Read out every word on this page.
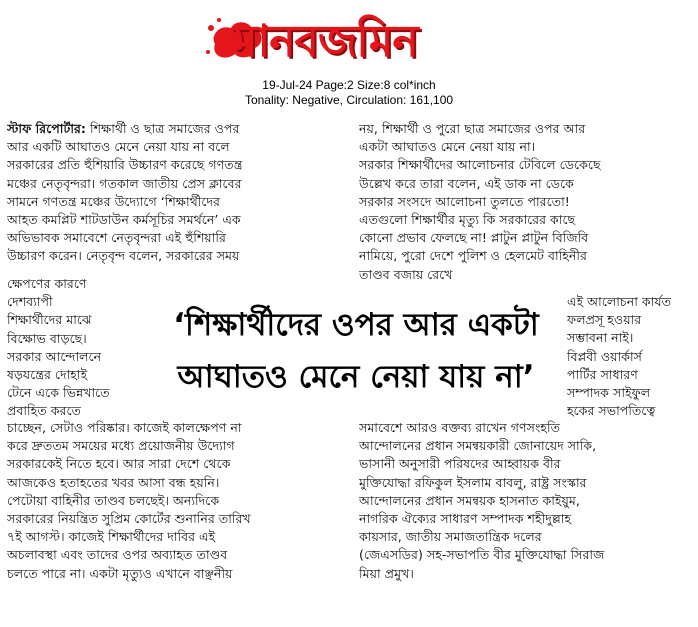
মানবজমিন
19-Jul-24 Page:2 Size:8 col*inch
Tonality: Negative, Circulation: 161,100
স্টাফ রিপোর্টার: শিক্ষার্থী ও ছাত্র সমাজের ওপর
আর একটি আঘাতও মেনে নেয়া যায় না বলে
সরকারের প্রতি হুঁশিয়ারি উচ্চারণ করেছে গণতন্ত্র
মঞ্চের নেতৃবৃন্দরা। গতকাল জাতীয় প্রেস ক্লাবের
সামনে গণতন্ত্র মঞ্চের উদ্যোগে ‘শিক্ষার্থীদের
আহত কমপ্লিট শাটডাউন কর্মসূচির সমর্থনে’ এক
অভিভাবক সমাবেশে নেতৃবৃন্দরা এই হুঁশিয়ারি
উচ্চারণ করেন। নেতৃবৃন্দ বলেন, সরকারের সময়
নয়, শিক্ষার্থী ও পুরো ছাত্র সমাজের ওপর আর
একটা আঘাতও মেনে নেয়া যায় না।
সরকার শিক্ষার্থীদের আলোচনার টেবিলে ডেকেছে
উল্লেখ করে তারা বলেন, এই ডাক না ডেকে
সরকার সংসদে আলোচনা তুলতে পারতো!
এতগুলো শিক্ষার্থীর মৃত্যু কি সরকারের কাছে
কোনো প্রভাব ফেলছে না! প্লাটুন প্লাটুন বিজিবি
নামিয়ে, পুরো দেশে পুলিশ ও হেলমেট বাহিনীর
তাণ্ডব বজায় রেখে
ক্ষেপণের কারণে
দেশব্যাপী
শিক্ষার্থীদের মাঝে
বিক্ষোভ বাড়ছে।
সরকার আন্দোলনে
ষড়যন্ত্রের দোহাই
টেনে একে ভিন্নখাতে
প্রবাহিত করতে
এই আলোচনা কার্যত
ফলপ্রসূ হওয়ার
সম্ভাবনা নাই।
বিপ্লবী ওয়ার্কার্স
পার্টির সাধারণ
সম্পাদক সাইফুল
হকের সভাপতিত্বে
‘শিক্ষার্থীদের ওপর আর একটা
আঘাতও মেনে নেয়া যায় না’
চাচ্ছেন, সেটাও পরিষ্কার। কাজেই কালক্ষেপণ না
করে দ্রুততম সময়ের মধ্যে প্রয়োজনীয় উদ্যোগ
সরকারকেই নিতে হবে। আর সারা দেশে থেকে
আজকেও হতাহতের খবর আসা বন্ধ হয়নি।
পেটোয়া বাহিনীর তাণ্ডব চলছেই। অন্যদিকে
সরকারের নিয়ন্ত্রিত সুপ্রিম কোর্টের শুনানির তারিখ
৭ই আগস্ট। কাজেই শিক্ষার্থীদের দাবির এই
অচলাবস্থা এবং তাদের ওপর অব্যাহত তাণ্ডব
চলতে পারে না। একটা মৃত্যুও এখানে বাঞ্ছনীয়
সমাবেশে আরও বক্তব্য রাখেন গণসংহতি
আন্দোলনের প্রধান সমন্বয়কারী জোনায়েদ সাকি,
ভাসানী অনুসারী পরিষদের আহ্বায়ক বীর
মুক্তিযোদ্ধা রফিকুল ইসলাম বাবলু, রাষ্ট্র সংস্কার
আন্দোলনের প্রধান সমন্বয়ক হাসনাত কাইয়ুম,
নাগরিক ঐক্যের সাধারণ সম্পাদক শহীদুল্লাহ
কায়সার, জাতীয় সমাজতান্ত্রিক দলের
(জেএসডির) সহ-সভাপতি বীর মুক্তিযোদ্ধা সিরাজ
মিয়া প্রমুখ।
